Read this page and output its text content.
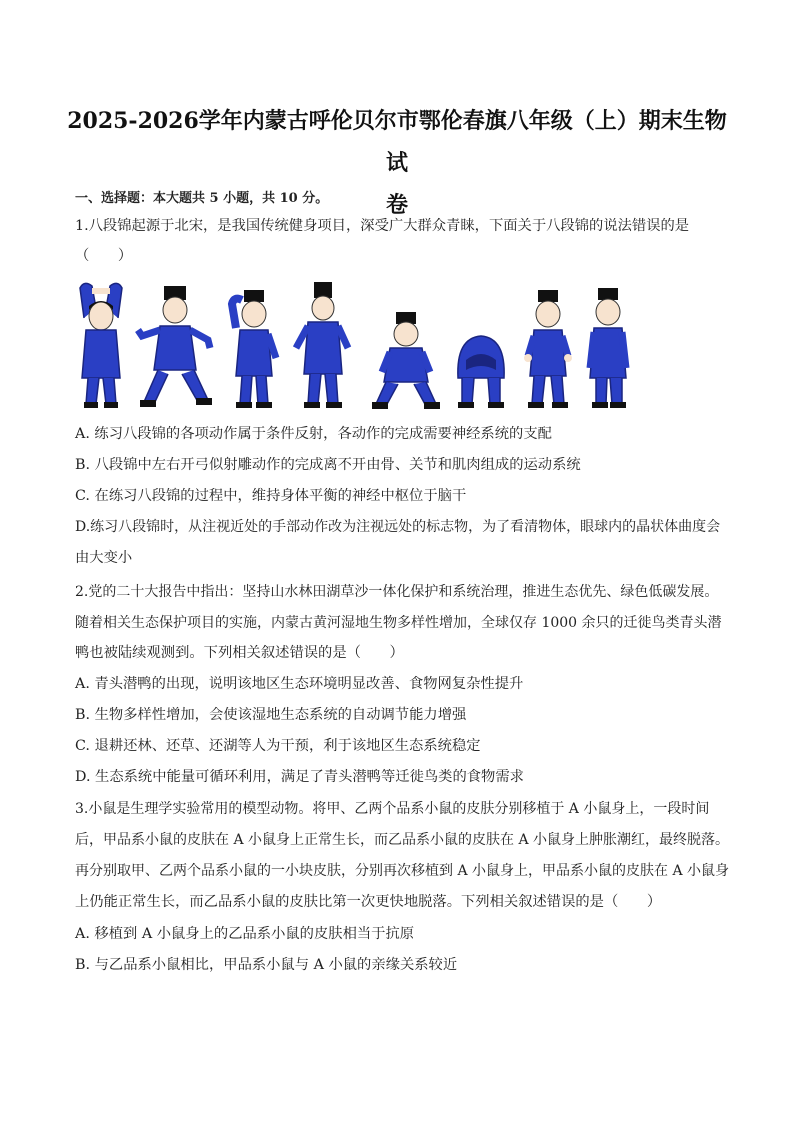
2025-2026学年内蒙古呼伦贝尔市鄂伦春旗八年级（上）期末生物试
卷
一、选择题：本大题共 5 小题，共 10 分。
1.八段锦起源于北宋，是我国传统健身项目，深受广大群众青睐，下面关于八段锦的说法错误的是
（　　）
A. 练习八段锦的各项动作属于条件反射，各动作的完成需要神经系统的支配
B. 八段锦中左右开弓似射雕动作的完成离不开由骨、关节和肌肉组成的运动系统
C. 在练习八段锦的过程中，维持身体平衡的神经中枢位于脑干
D.练习八段锦时，从注视近处的手部动作改为注视远处的标志物，为了看清物体，眼球内的晶状体曲度会
由大变小
2.党的二十大报告中指出：坚持山水林田湖草沙一体化保护和系统治理，推进生态优先、绿色低碳发展。
随着相关生态保护项目的实施，内蒙古黄河湿地生物多样性增加，全球仅存 1000 余只的迁徙鸟类青头潜
鸭也被陆续观测到。下列相关叙述错误的是（　　）
A. 青头潜鸭的出现，说明该地区生态环境明显改善、食物网复杂性提升
B. 生物多样性增加，会使该湿地生态系统的自动调节能力增强
C. 退耕还林、还草、还湖等人为干预，利于该地区生态系统稳定
D. 生态系统中能量可循环利用，满足了青头潜鸭等迁徙鸟类的食物需求
3.小鼠是生理学实验常用的模型动物。将甲、乙两个品系小鼠的皮肤分别移植于 A 小鼠身上，一段时间
后，甲品系小鼠的皮肤在 A 小鼠身上正常生长，而乙品系小鼠的皮肤在 A 小鼠身上肿胀潮红，最终脱落。
再分别取甲、乙两个品系小鼠的一小块皮肤，分别再次移植到 A 小鼠身上，甲品系小鼠的皮肤在 A 小鼠身
上仍能正常生长，而乙品系小鼠的皮肤比第一次更快地脱落。下列相关叙述错误的是（　　）
A. 移植到 A 小鼠身上的乙品系小鼠的皮肤相当于抗原
B. 与乙品系小鼠相比，甲品系小鼠与 A 小鼠的亲缘关系较近
